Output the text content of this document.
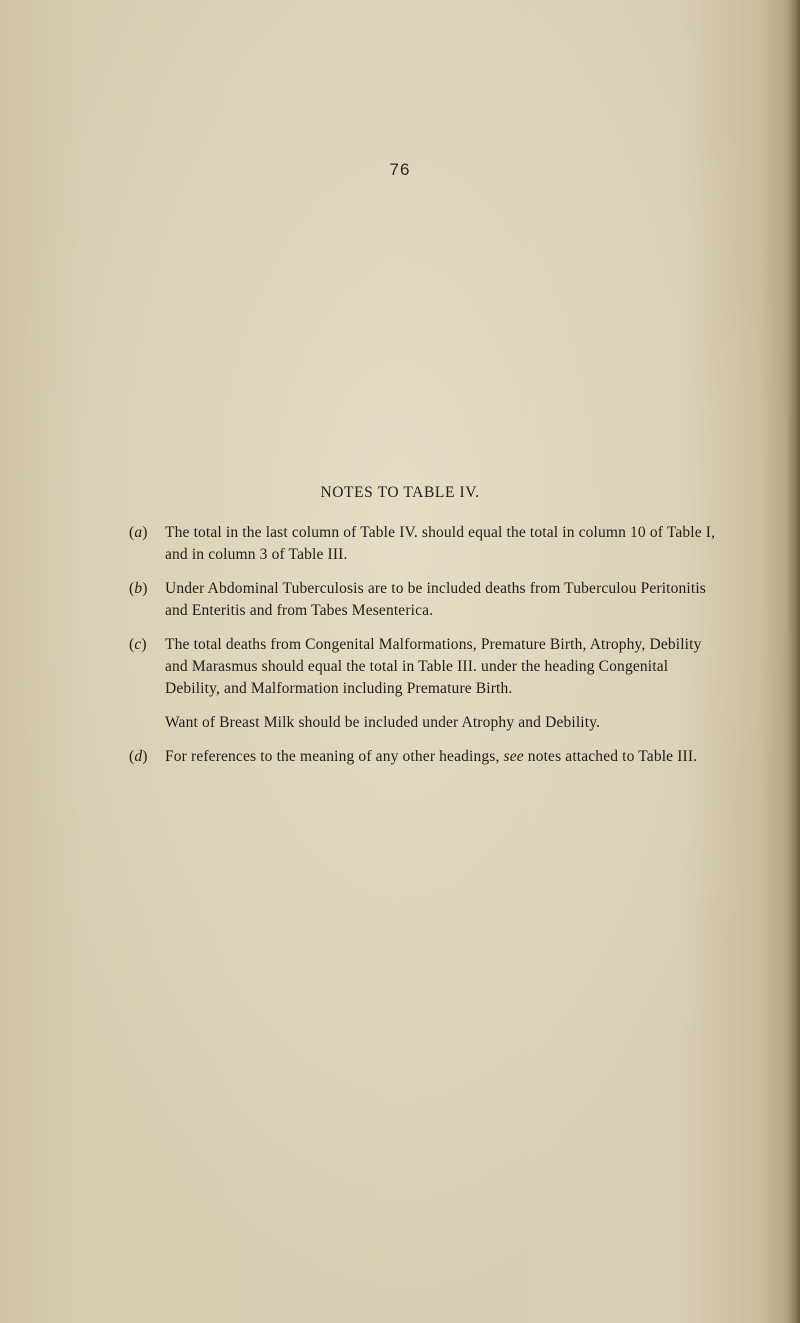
76
NOTES TO TABLE IV.
(a)	The total in the last column of Table IV. should equal the total in column 10 of Table I, and in column 3 of Table III.
(b)	Under Abdominal Tuberculosis are to be included deaths from Tuberculou Peritonitis and Enteritis and from Tabes Mesenterica.
(c)	The total deaths from Congenital Malformations, Premature Birth, Atrophy, Debility and Marasmus should equal the total in Table III. under the heading Congenital Debility, and Malformation including Premature Birth.
Want of Breast Milk should be included under Atrophy and Debility.
(d)	For references to the meaning of any other headings, see notes attached to Table III.
